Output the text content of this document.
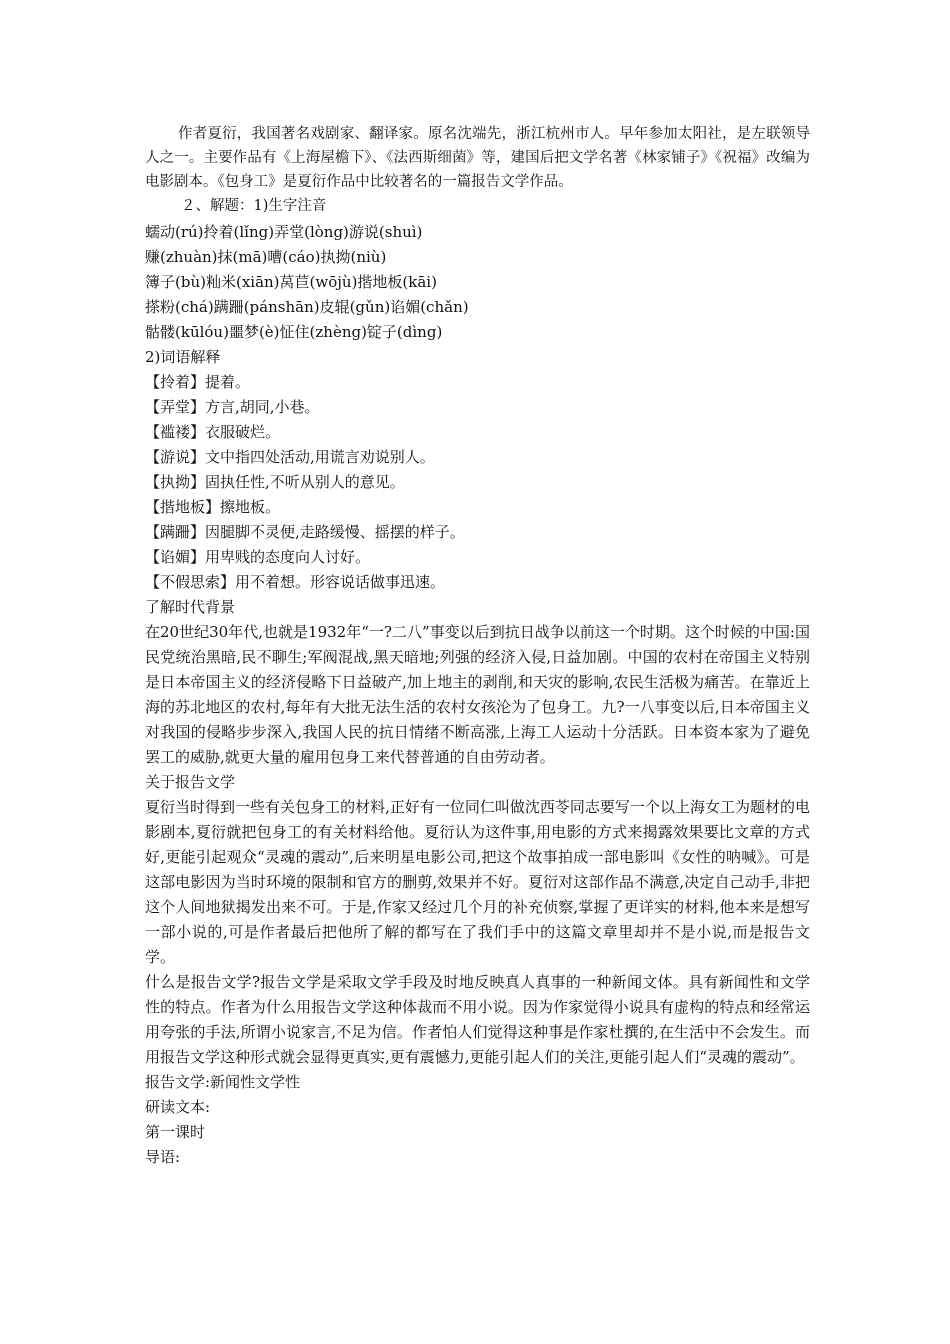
作者夏衍，我国著名戏剧家、翻译家。原名沈端先，浙江杭州市人。早年参加太阳社，是左联领导人之一。主要作品有《上海屋檐下》、《法西斯细菌》等，建国后把文学名著《林家铺子》《祝福》改编为电影剧本。《包身工》是夏衍作品中比较著名的一篇报告文学作品。

２、解题：1)生字注音

蠕动(rú)拎着(lǐng)弄堂(lòng)游说(shuì)

赚(zhuàn)抹(mā)嘈(cáo)执拗(niù)

簿子(bù)籼米(xiān)莴苣(wōjù)揩地板(kāi)

搽粉(chá)蹒跚(pánshān)皮辊(gǔn)谄媚(chǎn)

骷髅(kūlóu)噩梦(è)怔住(zhèng)锭子(dìng)

2)词语解释

【拎着】提着。

【弄堂】方言,胡同,小巷。

【褴褛】衣服破烂。

【游说】文中指四处活动,用谎言劝说别人。

【执拗】固执任性,不听从别人的意见。

【揩地板】擦地板。

【蹒跚】因腿脚不灵便,走路缓慢、摇摆的样子。

【谄媚】用卑贱的态度向人讨好。

【不假思索】用不着想。形容说话做事迅速。

了解时代背景

在20世纪30年代,也就是1932年“一?二八”事变以后到抗日战争以前这一个时期。这个时候的中国:国民党统治黑暗,民不聊生;军阀混战,黑天暗地;列强的经济入侵,日益加剧。中国的农村在帝国主义特别是日本帝国主义的经济侵略下日益破产,加上地主的剥削,和天灾的影响,农民生活极为痛苦。在靠近上海的苏北地区的农村,每年有大批无法生活的农村女孩沦为了包身工。九?一八事变以后,日本帝国主义对我国的侵略步步深入,我国人民的抗日情绪不断高涨,上海工人运动十分活跃。日本资本家为了避免罢工的威胁,就更大量的雇用包身工来代替普通的自由劳动者。

关于报告文学

夏衍当时得到一些有关包身工的材料,正好有一位同仁叫做沈西苓同志要写一个以上海女工为题材的电影剧本,夏衍就把包身工的有关材料给他。夏衍认为这件事,用电影的方式来揭露效果要比文章的方式好,更能引起观众“灵魂的震动”,后来明星电影公司,把这个故事拍成一部电影叫《女性的呐喊》。可是这部电影因为当时环境的限制和官方的删剪,效果并不好。夏衍对这部作品不满意,决定自己动手,非把这个人间地狱揭发出来不可。于是,作家又经过几个月的补充侦察,掌握了更详实的材料,他本来是想写一部小说的,可是作者最后把他所了解的都写在了我们手中的这篇文章里却并不是小说,而是报告文学。

什么是报告文学?报告文学是采取文学手段及时地反映真人真事的一种新闻文体。具有新闻性和文学性的特点。作者为什么用报告文学这种体裁而不用小说。因为作家觉得小说具有虚构的特点和经常运用夸张的手法,所谓小说家言,不足为信。作者怕人们觉得这种事是作家杜撰的,在生活中不会发生。而用报告文学这种形式就会显得更真实,更有震憾力,更能引起人们的关注,更能引起人们“灵魂的震动”。

报告文学:新闻性文学性

研读文本:

第一课时

导语:
